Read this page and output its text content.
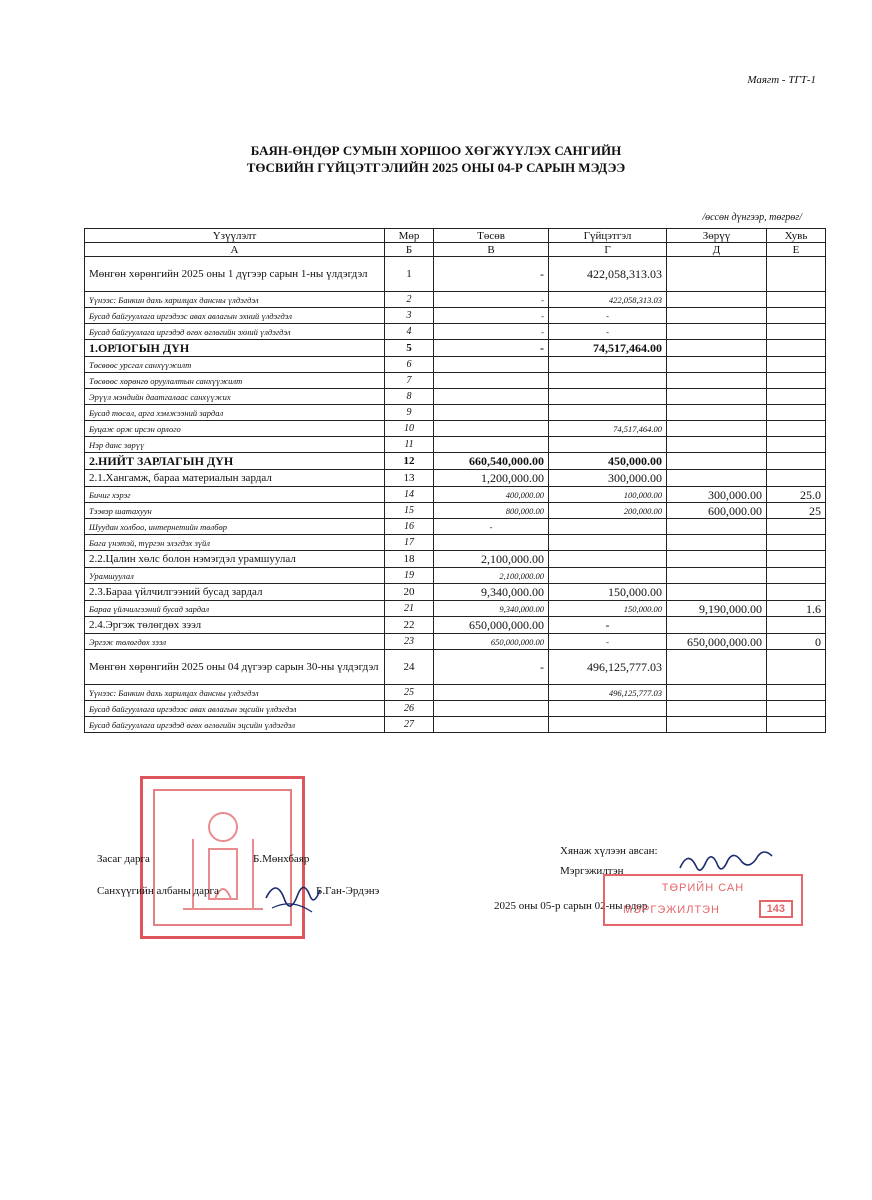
Маягт - ТГТ-1
БАЯН-ӨНДӨР СУМЫН ХОРШОО ХӨГЖҮҮЛЭХ САНГИЙН
ТӨСВИЙН ГҮЙЦЭТГЭЛИЙН 2025 ОНЫ 04-Р САРЫН МЭДЭЭ
/өссөн дүнгээр, төгрөг/
Үзүүлэлт	Мөр	Төсөв	Гүйцэтгэл	Зөрүү	Хувь
А	Б	В	Г	Д	Е
Мөнгөн хөрөнгийн 2025 оны 1 дүгээр сарын 1-ны үлдэгдэл	1	-	422,058,313.03		
Үүнээс: Банкин дахь харилцах дансны үлдэгдэл	2	-	422,058,313.03		
Бусад байгууллага иргэдээс авах авлагын эхний үлдэгдэл	3	-	-		
Бусад байгууллага иргэдэд өгөх өглөгийн эхний үлдэгдэл	4	-	-		
1.ОРЛОГЫН ДҮН	5	-	74,517,464.00		
Төсвөөс урсгал санхүүжилт	6				
Төсвөөс хөрөнгө оруулалтын санхүүжилт	7				
Эрүүл мэндийн даатгалаас санхүүжих	8				
Бусад төсөл, арга хэмжээний зардал	9				
Буцаж орж ирсэн орлого	10		74,517,464.00		
Нэр данс зөрүү	11				
2.НИЙТ ЗАРЛАГЫН ДҮН	12	660,540,000.00	450,000.00		
2.1.Хангамж, бараа материалын зардал	13	1,200,000.00	300,000.00		
Бичиг хэрэг	14	400,000.00	100,000.00	300,000.00	25.0
Тээвэр шатахуун	15	800,000.00	200,000.00	600,000.00	25
Шуудан холбоо, интернетийн төлбөр	16	-			
Бага үнэтэй, түргэн элэгдэх зүйл	17				
2.2.Цалин хөлс болон нэмэгдэл урамшуулал	18	2,100,000.00			
Урамшуулал	19	2,100,000.00			
2.3.Бараа үйлчилгээний бусад зардал	20	9,340,000.00	150,000.00		
Бараа үйлчилгээний бусад зардал	21	9,340,000.00	150,000.00	9,190,000.00	1.6
2.4.Эргэж төлөгдөх зээл	22	650,000,000.00	-		
Эргэж төлөгдөх зээл	23	650,000,000.00	-	650,000,000.00	0
Мөнгөн хөрөнгийн 2025 оны 04 дүгээр сарын 30-ны үлдэгдэл	24	-	496,125,777.03		
Үүнээс: Банкин дахь харилцах дансны үлдэгдэл	25		496,125,777.03		
Бусад байгууллага иргэдээс авах авлагын эцсийн үлдэгдэл	26				
Бусад байгууллага иргэдэд өгөх өглөгийн эцсийн үлдэгдэл	27				
Засаг дарга	Б.Мөнхбаяр
Санхүүгийн албаны дарга	Б.Ган-Эрдэнэ
Хянаж хүлээн авсан:
Мэргэжилтэн
2025 оны 05-р сарын 02-ны өдөр
ТӨРИЙН САН
МЭРГЭЖИЛТЭН	143
